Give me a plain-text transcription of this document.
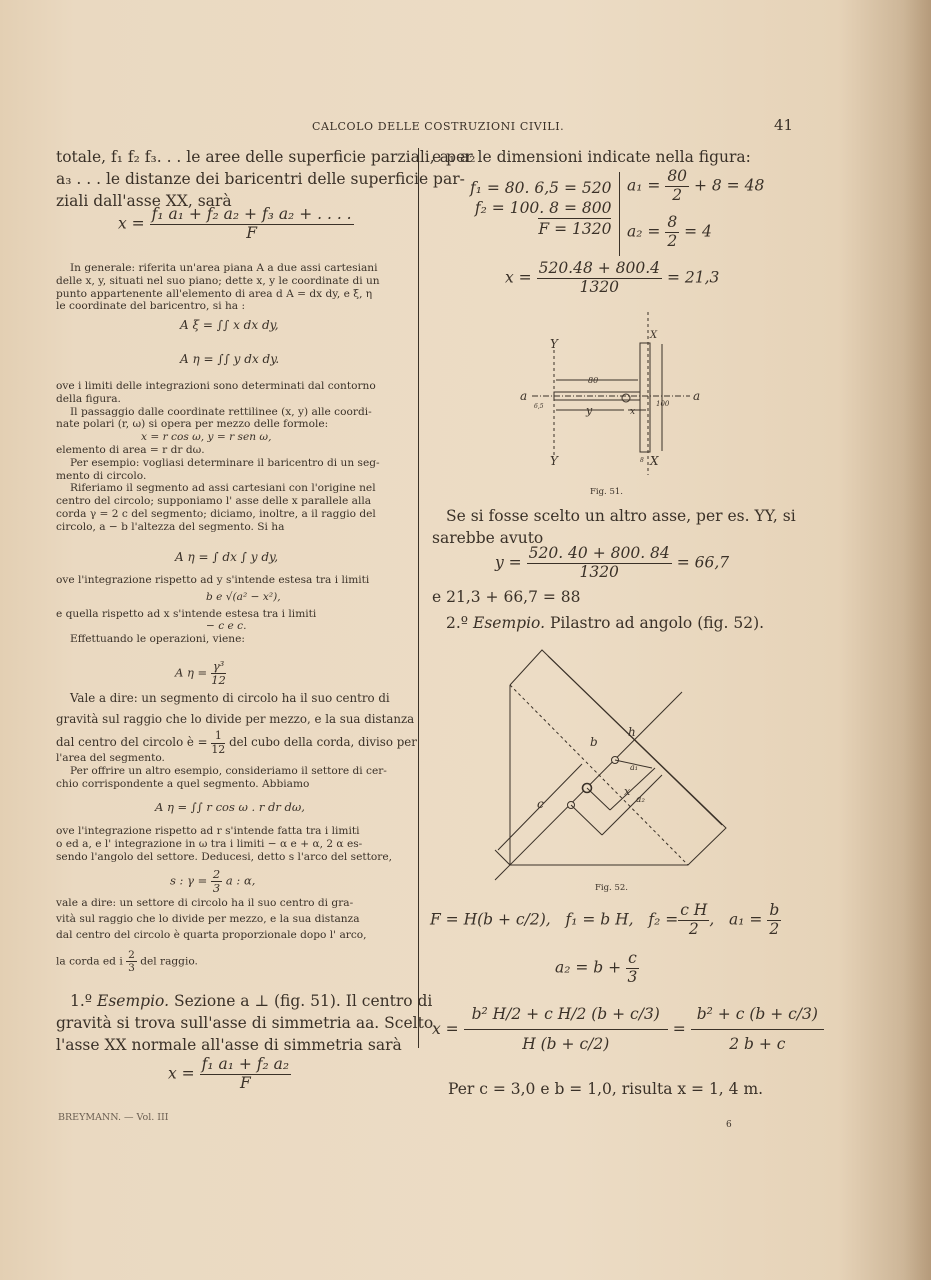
CALCOLO DELLE COSTRUZIONI CIVILI.	41
totale, f₁ f₂ f₃. . . le aree delle superficie parziali, a₁ a₂
a₃ . . . le distanze dei baricentri delle superficie par-
ziali dall'asse XX, sarà
$x = \frac{\text{f₁ a₁ + f₂ a₂ + f₃ a₂ + . . . .}}{F}$
In generale: riferita un'area piana A a due assi cartesiani
delle x, y, situati nel suo piano; dette x, y le coordinate di un
punto appartenente all'elemento di area d A = dx dy, e ξ, η
le coordinate del baricentro, si ha :
A ξ = ∫∫ x dx dy,
A η = ∫∫ y dx dy.
ove i limiti delle integrazioni sono determinati dal contorno
della figura.
Il passaggio dalle coordinate rettilinee (x, y) alle coordi-
nate polari (r, ω) si opera per mezzo delle formole:
x = r cos ω, y = r sen ω,
elemento di area = r dr dω.
Per esempio: vogliasi determinare il baricentro di un seg-
mento di circolo.
Riferiamo il segmento ad assi cartesiani con l'origine nel
centro del circolo; supponiamo l' asse delle x parallele alla
corda γ = 2 c del segmento; diciamo, inoltre, a il raggio del
circolo, a − b l'altezza del segmento. Si ha
A η = ∫ dx ∫ y dy,
ove l'integrazione rispetto ad y s'intende estesa tra i limiti
b e √(a² − x²),
e quella rispetto ad x s'intende estesa tra i limiti
− c e c.
Effettuando le operazioni, viene:
A $\eta = \frac{\text{γ³}}{12}$
Vale a dire: un segmento di circolo ha il suo centro di
gravità sul raggio che lo divide per mezzo, e la sua distanza
dal centro del circolo è = $\frac{1}{12}$ del cubo della corda, diviso per
l'area del segmento.
Per offrire un altro esempio, consideriamo il settore di cer-
chio corrispondente a quel segmento. Abbiamo
A η = ∫∫ r cos ω . r dr dω,
ove l'integrazione rispetto ad r s'intende fatta tra i limiti
o ed a, e l' integrazione in ω tra i limiti − α e + α, 2 α es-
sendo l'angolo del settore. Deducesi, detto s l'arco del settore,
s : $\gamma = \frac{2}{3}$ a : α,
vale a dire: un settore di circolo ha il suo centro di gra-
vità sul raggio che lo divide per mezzo, e la sua distanza
dal centro del circolo è quarta proporzionale dopo l' arco,
la corda ed i $\frac{2}{3}$ del raggio.
1.º Esempio. Sezione a ⊥ (fig. 51). Il centro di
gravità si trova sull'asse di simmetria aa. Scelto
l'asse XX normale all'asse di simmetria sarà
$x = \frac{\text{f₁ a₁ + f₂ a₂}}{F}$
BREYMANN. — Vol. III
e per le dimensioni indicate nella figura:
f₁ = 80. 6,5 = 520
f₂ = 100. 8 = 800
F = 1320
$a_1 = \frac{80}{2} + 8 = 48$
$a_2 = \frac{8}{2} = 4$
$x = \frac{520.48 + 800.4}{1320} = 21,3$
Y
Y
X
X
a	a
6,5
80
100
y	x
8
Fig. 51.
Se si fosse scelto un altro asse, per es. YY, si
sarebbe avuto
$y = \frac{520. 40 + 800. 84}{1320} = 66,7$
e 21,3 + 66,7 = 88
2.º Esempio. Pilastro ad angolo (fig. 52).
b
h
c
x
a₁
a₂
Fig. 52.
F = H(b + c/2), f₁ = b H, $f_2 = \frac{\text{c H}}{2}$ ,   $a_1 = \frac{b}{2}$
$a_2 = b + \frac{c}{3}$
$x = \frac{\text{b² H/2 + c H/2 (b + c/3)}}{H (b + c/2)} = \frac{\text{b² + c (b + c/3)}}{2 b + c}$
Per c = 3,0 e b = 1,0, risulta x = 1, 4 m.
6
